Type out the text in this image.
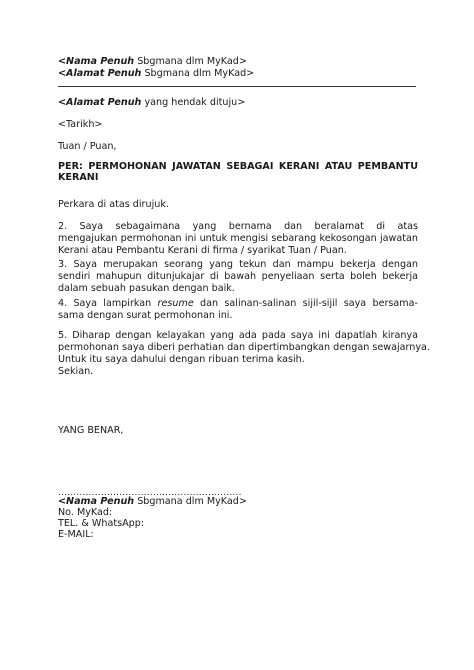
<Nama Penuh Sbgmana dlm MyKad>
<Alamat Penuh Sbgmana dlm MyKad>
<Alamat Penuh yang hendak dituju>
<Tarikh>
Tuan / Puan,
PER: PERMOHONAN JAWATAN SEBAGAI KERANI ATAU PEMBANTU
KERANI
Perkara di atas dirujuk.
2. Saya sebagaimana yang bernama dan beralamat di atas
mengajukan permohonan ini untuk mengisi sebarang kekosongan jawatan
Kerani atau Pembantu Kerani di firma / syarikat Tuan / Puan.
3. Saya merupakan seorang yang tekun dan mampu bekerja dengan
sendiri mahupun ditunjukajar di bawah penyeliaan serta boleh bekerja
dalam sebuah pasukan dengan baik.
4. Saya lampirkan resume dan salinan-salinan sijil-sijil saya bersama-
sama dengan surat permohonan ini.
5. Diharap dengan kelayakan yang ada pada saya ini dapatlah kiranya
permohonan saya diberi perhatian dan dipertimbangkan dengan sewajarnya.
Untuk itu saya dahului dengan ribuan terima kasih.
Sekian.
YANG BENAR,
............................................................
<Nama Penuh Sbgmana dlm MyKad>
No. MyKad:
TEL. & WhatsApp:
E-MAIL:
